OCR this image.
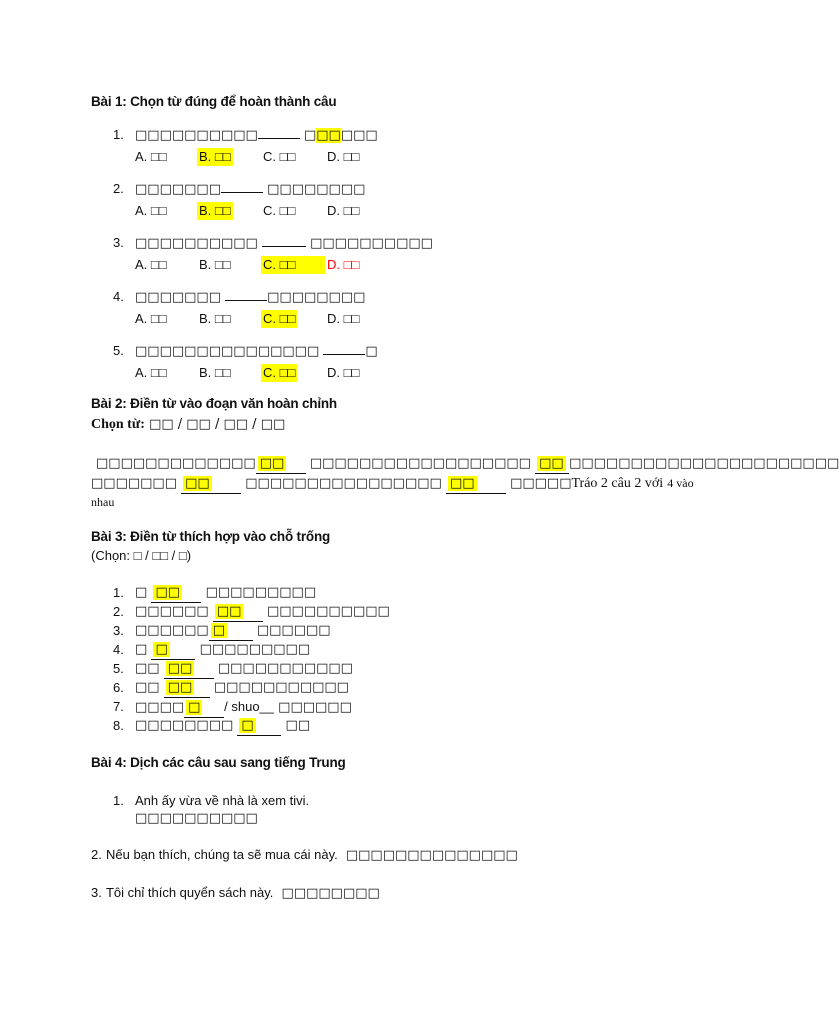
Bài 1: Chọn từ đúng để hoàn thành câu
1. □□□□□□□□□□	□□□□□□
A. □□ B. □□ C. □□ D. □□
2. □□□□□□□	□□□□□□□□
A. □□ B. □□ C. □□ D. □□
3. □□□□□□□□□□	□□□□□□□□□□
A. □□ B. □□ C. □□	D. □□
4. □□□□□□□	□□□□□□□□
A. □□ B. □□ C. □□ D. □□
5. □□□□□□□□□□□□□□□	□
A. □□ B. □□ C. □□ D. □□
Bài 2: Điền từ vào đoạn văn hoàn chỉnh
Chọn từ: □□ / □□ / □□ / □□
□□□□□□□□□□□□□ □□ □□□□□□□□□□□□□□□□□□ □□ □□□□□□□□□□□□□□□□□□□□□□
□□□□□□□ □□	□□□□□□□□□□□□□□□□ □□	□□□□□Tráo 2 câu 2 với 4 vào
nhau
Bài 3: Điền từ thích hợp vào chỗ trống
(Chọn: □ / □□ / □)
1. □ □□ □□□□□□□□□
2. □□□□□□ □□ □□□□□□□□□□
3. □□□□□□ □ □□□□□□
4. □ □ □□□□□□□□□
5. □□ □□ □□□□□□□□□□□
6. □□ □□ □□□□□□□□□□□
7. □□□□ □ / shuo__ □□□□□□
8. □□□□□□□□ □ □□
Bài 4: Dịch các câu sau sang tiếng Trung
1. Anh ấy vừa về nhà là xem tivi.
□□□□□□□□□□
2. Nếu bạn thích, chúng ta sẽ mua cái này. □□□□□□□□□□□□□□
3. Tôi chỉ thích quyển sách này. □□□□□□□□
